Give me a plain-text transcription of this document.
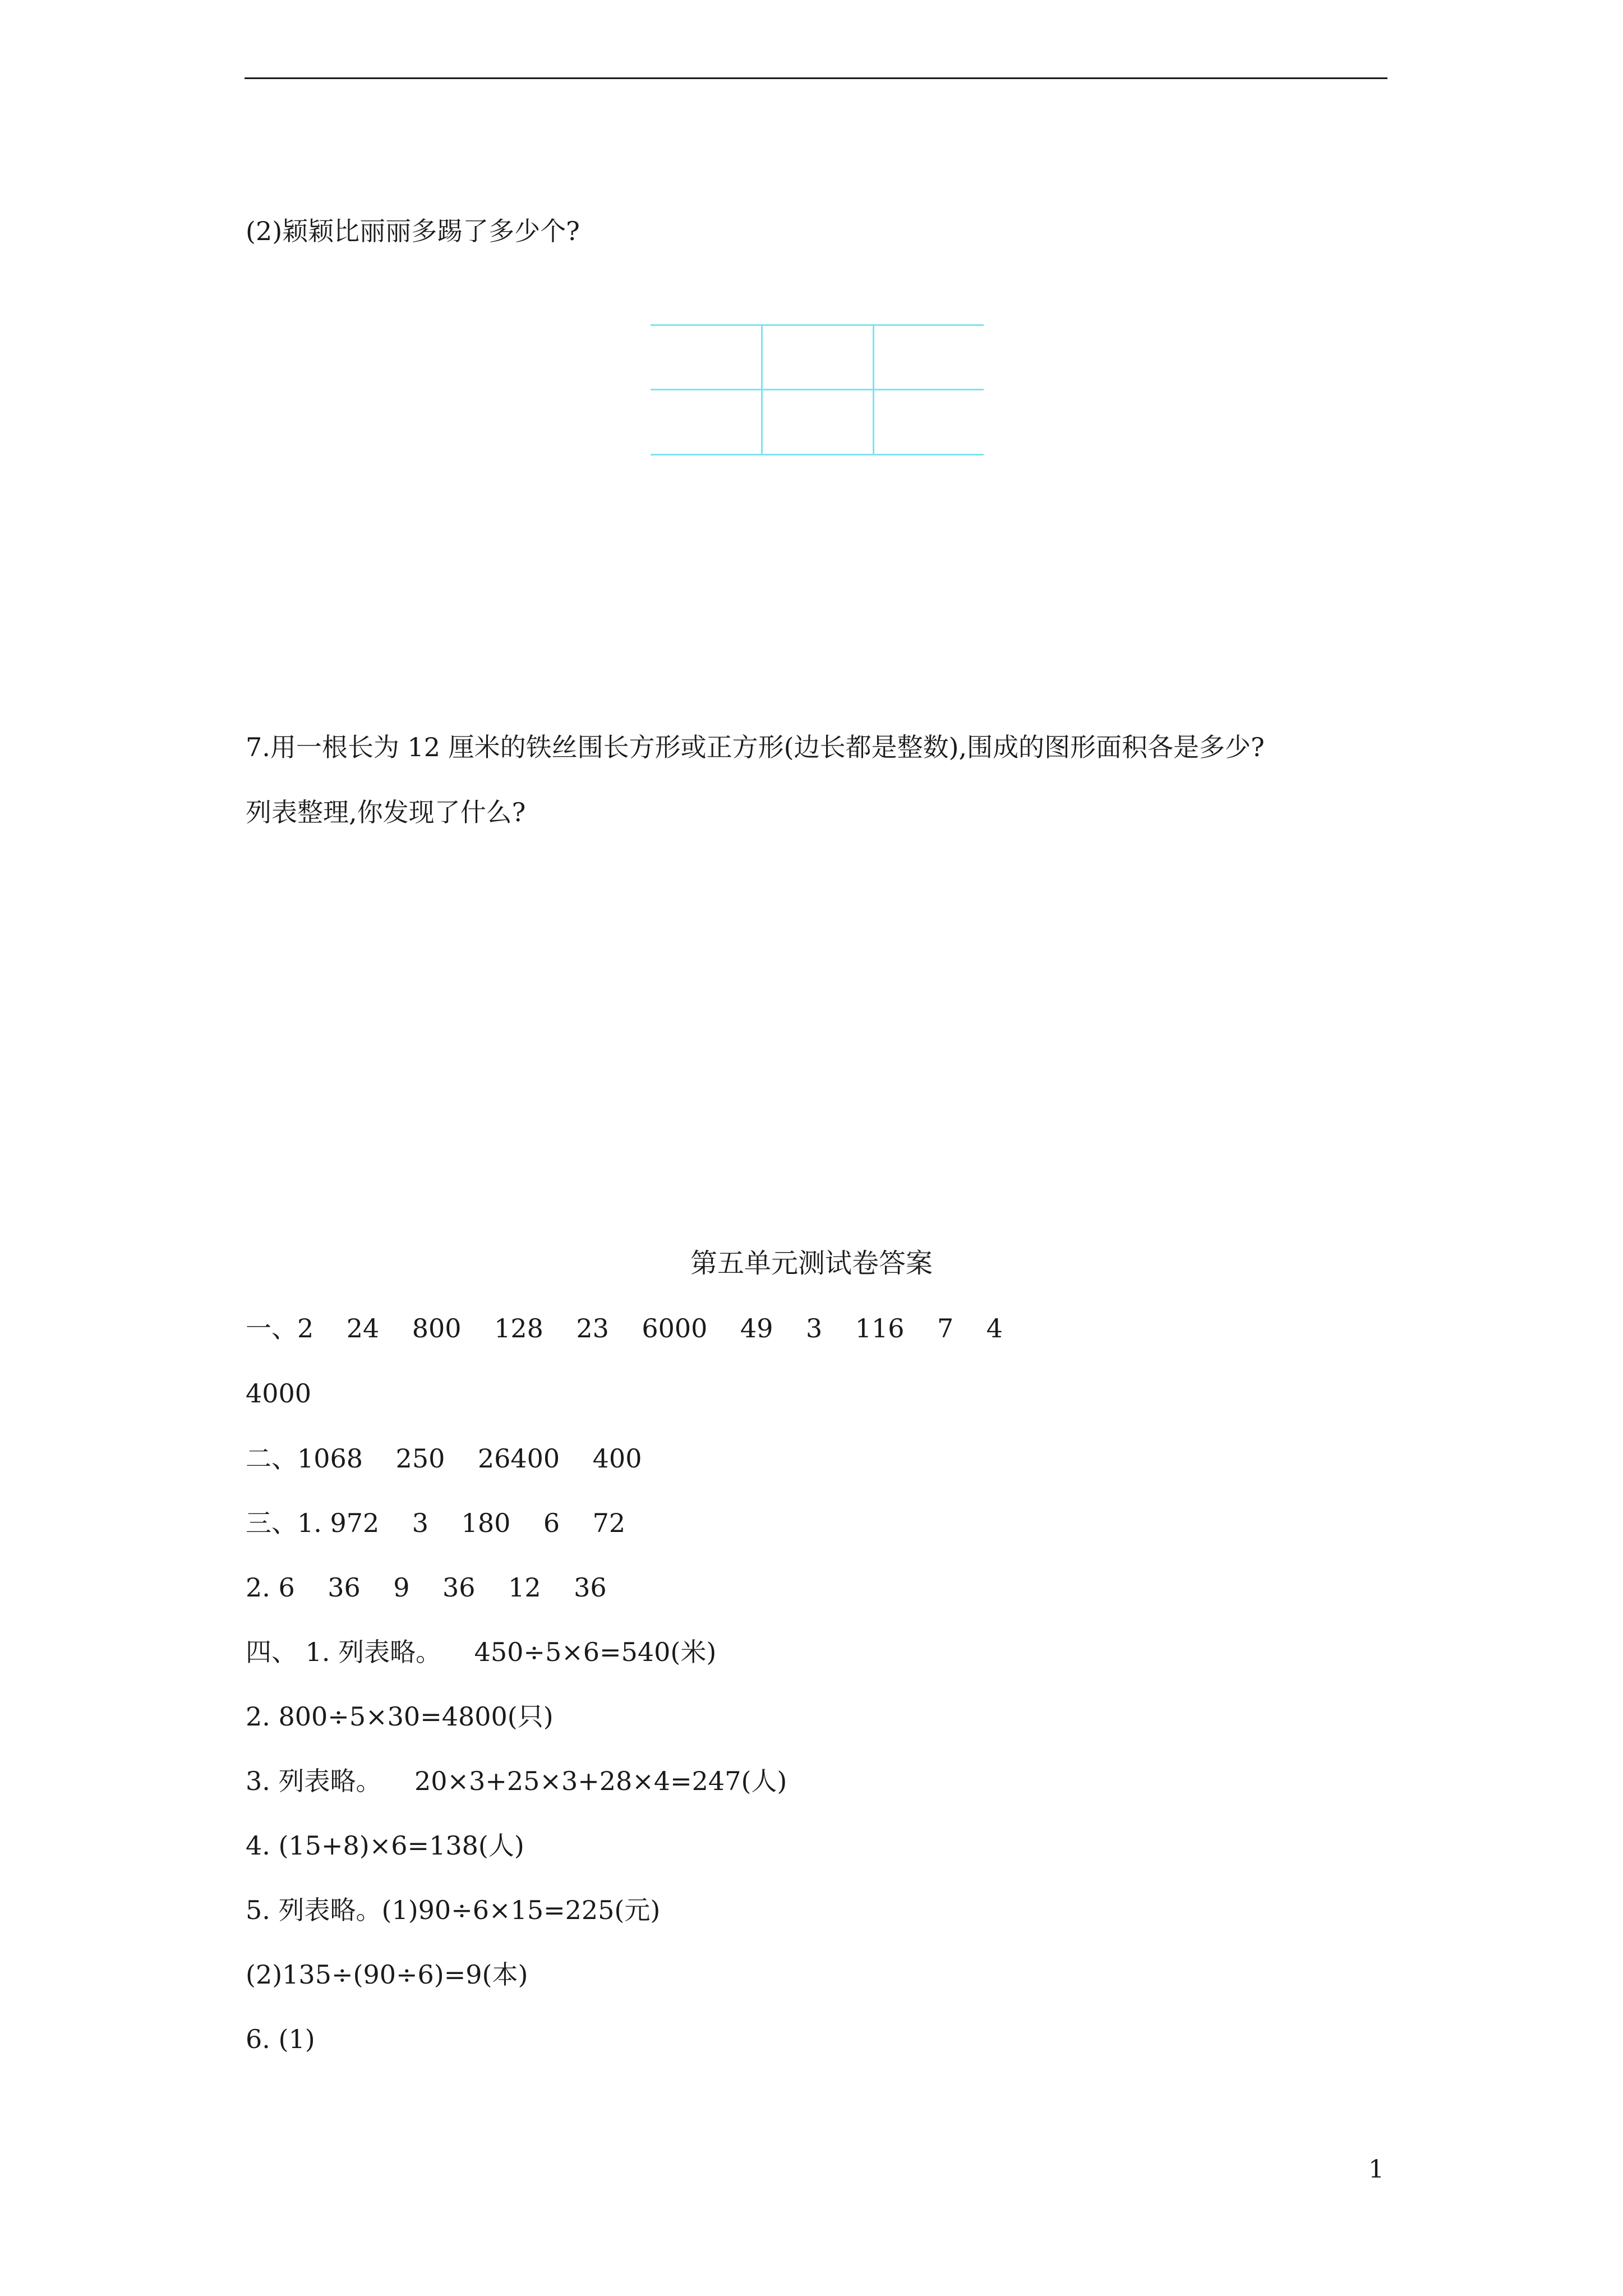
(2)颖颖比丽丽多踢了多少个?
7.用一根长为 12 厘米的铁丝围长方形或正方形(边长都是整数),围成的图形面积各是多少?
列表整理,你发现了什么?
第五单元测试卷答案
一、2    24    800    128    23    6000    49    3    116    7    4
4000
二、1068    250    26400    400
三、1. 972    3    180    6    72
2. 6    36    9    36    12    36
四、 1. 列表略。    450÷5×6=540(米)
2. 800÷5×30=4800(只)
3. 列表略。    20×3+25×3+28×4=247(人)
4. (15+8)×6=138(人)
5. 列表略。(1)90÷6×15=225(元)
(2)135÷(90÷6)=9(本)
6. (1)
1
